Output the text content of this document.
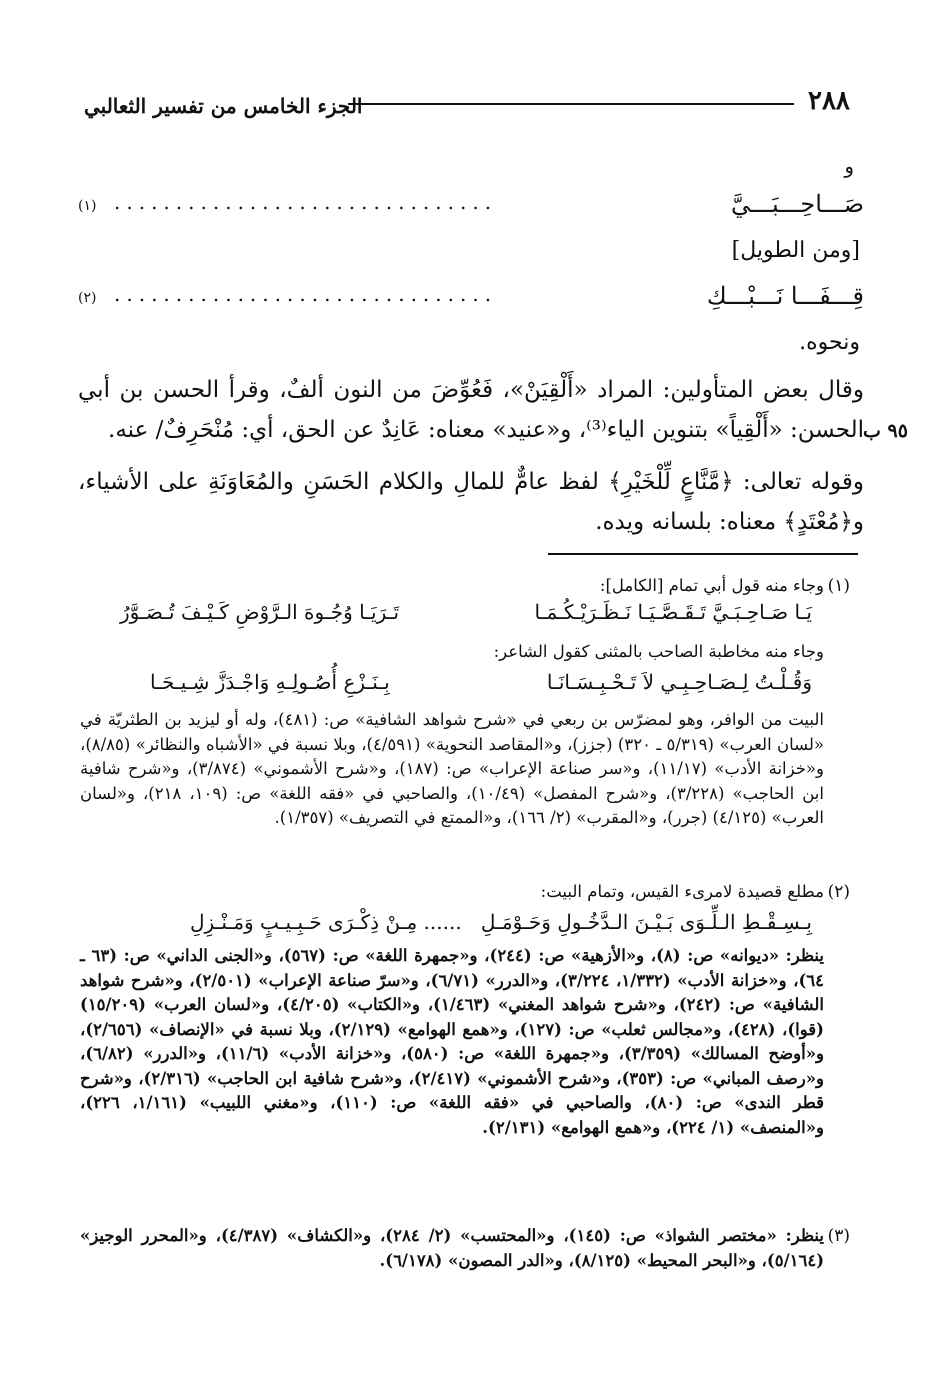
٢٨٨
الجزء الخامس من تفسير الثعالبي
و
صَـــاحِـــبَـــيَّ
...............................
(١)
[ومن الطويل]
قِـــفَـــا نَـــبْـــكِ
...............................
(٢)
ونحوه.
وقال بعض المتأولين: المراد «أَلْقِيَنْ»، فَعُوِّضَ من النون ألفٌ، وقرأ الحسن بن أبي الحسن: «أَلْقِياً» بتنوين الياء⁽³⁾، و«عنيد» معناه: عَانِدٌ عن الحق، أي: مُنْحَرِفٌ/ عنه. ٩٥ ب
وقوله تعالى: ﴿مَّنَّاعٍ لِّلْخَيْرِ﴾ لفظ عامٌّ للمالِ والكلام الحَسَنِ والمُعَاوَنَةِ على الأشياء، و﴿مُعْتَدٍ﴾ معناه: بلسانه ويده.
(١)
وجاء منه قول أبي تمام [الكامل]:
يَـا صَـاحِـبَـيَّ تَـقَـصَّـيَـا نَـظَـرَيْـكُـمَـا
تَـرَيَـا وُجُـوهَ الـرَّوْضِ كَـيْـفَ تُـصَـوَّرُ
وجاء منه مخاطبة الصاحب بالمثنى كقول الشاعر:
وَقُـلْـتُ لِـصَـاحِـبِـي لاَ تَـحْـبِـسَـانَـا
بِـنَـزْعِ أُصُـولِـهِ وَاجْـدَزَّ شِـيـحَـا
البيت من الوافر، وهو لمضرّس بن ربعي في «شرح شواهد الشافية» ص: (٤٨١)، وله أو ليزيد بن الطثريّة في «لسان العرب» (٥/٣١٩ ـ ٣٢٠) (جزز)، و«المقاصد النحوية» (٤/٥٩١)، وبلا نسبة في «الأشباه والنظائر» (٨/٨٥)، و«خزانة الأدب» (١١/١٧)، و«سر صناعة الإعراب» ص: (١٨٧)، و«شرح الأشموني» (٣/٨٧٤)، و«شرح شافية ابن الحاجب» (٣/٢٢٨)، و«شرح المفصل» (١٠/٤٩)، والصاحبي في «فقه اللغة» ص: (١٠٩، ٢١٨)، و«لسان العرب» (٤/١٢٥) (جرر)، و«المقرب» (٢/ ١٦٦)، و«الممتع في التصريف» (١/٣٥٧).
(٢)
مطلع قصيدة لامرىء القيس، وتمام البيت:
بِـسِـقْـطِ الـلِّـوَى بَـيْـنَ الـدَّخُـولِ وَحَـوْمَـلِ
...... مِـنْ ذِكْـرَى حَـبِـيـبٍ وَمَـنْـزِلِ
ينظر: «ديوانه» ص: (٨)، و«الأزهية» ص: (٢٤٤)، و«جمهرة اللغة» ص: (٥٦٧)، و«الجنى الداني» ص: (٦٣ ـ ٦٤)، و«خزانة الأدب» (١/٣٣٢، ٣/٢٢٤)، و«الدرر» (٦/٧١)، و«سرّ صناعة الإعراب» (٢/٥٠١)، و«شرح شواهد الشافية» ص: (٢٤٢)، و«شرح شواهد المغني» (١/٤٦٣)، و«الكتاب» (٤/٢٠٥)، و«لسان العرب» (١٥/٢٠٩) (قوا)، (٤٢٨)، و«مجالس ثعلب» ص: (١٢٧)، و«همع الهوامع» (٢/١٢٩)، وبلا نسبة في «الإنصاف» (٢/٦٥٦)، و«أوضح المسالك» (٣/٣٥٩)، و«جمهرة اللغة» ص: (٥٨٠)، و«خزانة الأدب» (١١/٦)، و«الدرر» (٦/٨٢)، و«رصف المباني» ص: (٣٥٣)، و«شرح الأشموني» (٢/٤١٧)، و«شرح شافية ابن الحاجب» (٢/٣١٦)، و«شرح قطر الندى» ص: (٨٠)، والصاحبي في «فقه اللغة» ص: (١١٠)، و«مغني اللبيب» (١/١٦١، ٢٢٦)، و«المنصف» (١/ ٢٢٤)، و«همع الهوامع» (٢/١٣١).
(٣)
ينظر: «مختصر الشواذ» ص: (١٤٥)، و«المحتسب» (٢/ ٢٨٤)، و«الكشاف» (٤/٣٨٧)، و«المحرر الوجيز» (٥/١٦٤)، و«البحر المحيط» (٨/١٢٥)، و«الدر المصون» (٦/١٧٨).
